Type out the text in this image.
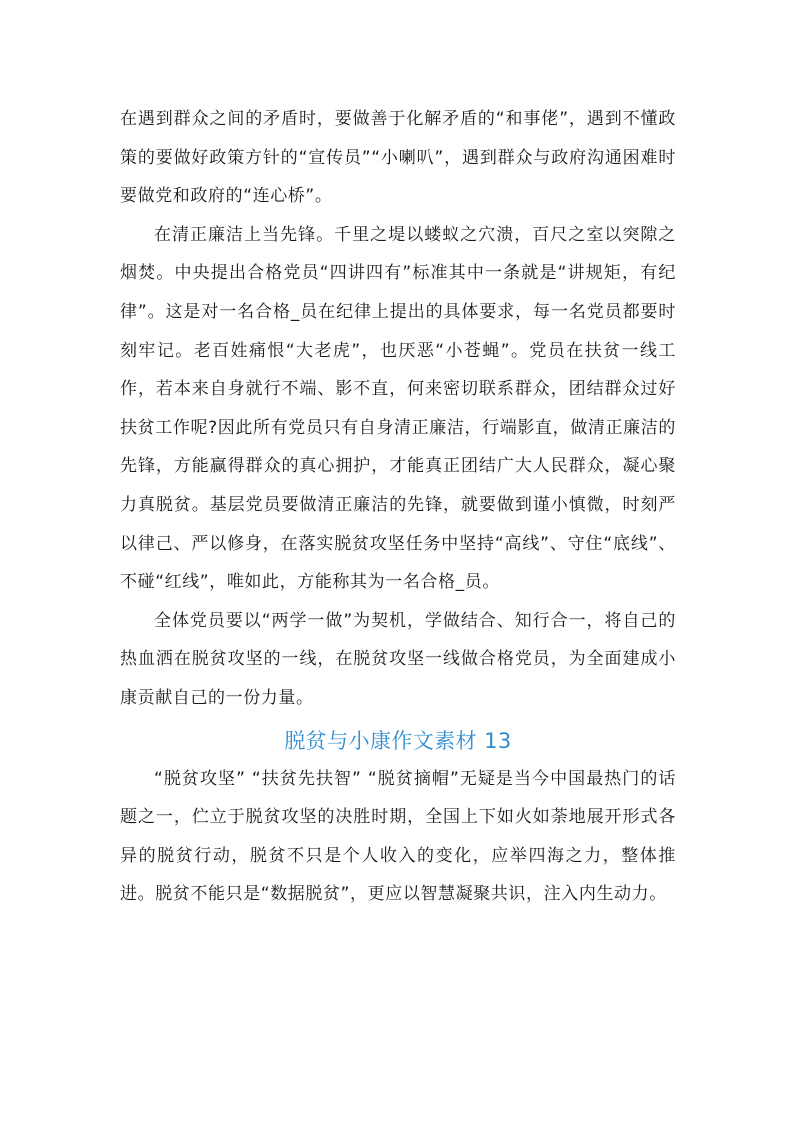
在遇到群众之间的矛盾时，要做善于化解矛盾的“和事佬”，遇到不懂政策的要做好政策方针的“宣传员”“小喇叭”，遇到群众与政府沟通困难时要做党和政府的“连心桥”。

在清正廉洁上当先锋。千里之堤以蝼蚁之穴溃，百尺之室以突隙之烟焚。中央提出合格党员“四讲四有”标准其中一条就是“讲规矩，有纪律”。这是对一名合格_员在纪律上提出的具体要求，每一名党员都要时刻牢记。老百姓痛恨“大老虎”，也厌恶“小苍蝇”。党员在扶贫一线工作，若本来自身就行不端、影不直，何来密切联系群众，团结群众过好扶贫工作呢?因此所有党员只有自身清正廉洁，行端影直，做清正廉洁的先锋，方能赢得群众的真心拥护，才能真正团结广大人民群众，凝心聚力真脱贫。基层党员要做清正廉洁的先锋，就要做到谨小慎微，时刻严以律己、严以修身，在落实脱贫攻坚任务中坚持“高线”、守住“底线”、不碰“红线”，唯如此，方能称其为一名合格_员。

全体党员要以“两学一做”为契机，学做结合、知行合一，将自己的热血洒在脱贫攻坚的一线，在脱贫攻坚一线做合格党员，为全面建成小康贡献自己的一份力量。

脱贫与小康作文素材 13

“脱贫攻坚” “扶贫先扶智” “脱贫摘帽”无疑是当今中国最热门的话题之一，伫立于脱贫攻坚的决胜时期，全国上下如火如荼地展开形式各异的脱贫行动，脱贫不只是个人收入的变化，应举四海之力，整体推进。脱贫不能只是“数据脱贫”，更应以智慧凝聚共识，注入内生动力。
